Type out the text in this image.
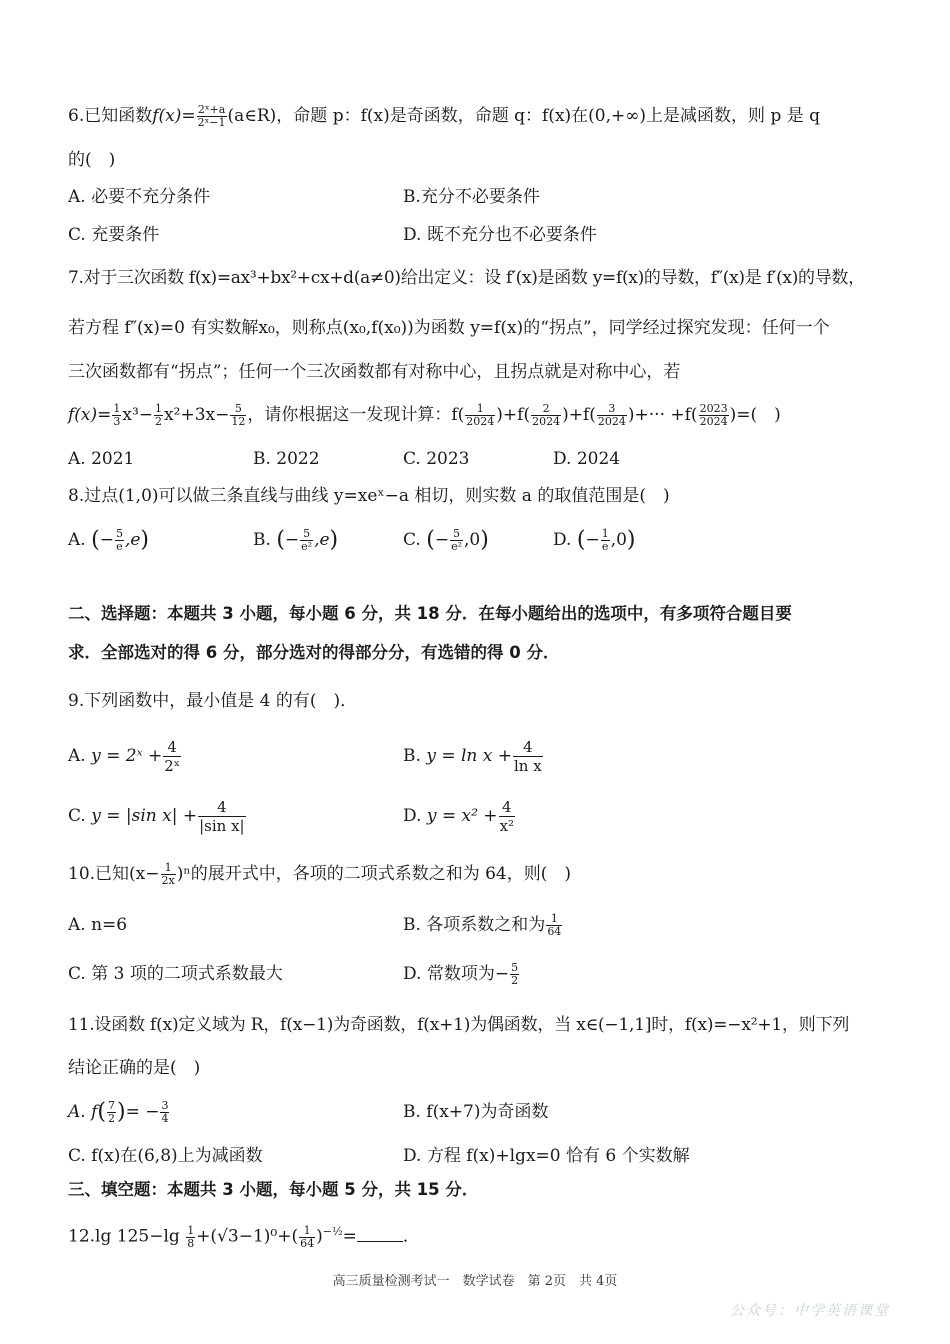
6.已知函数$f(x)= \frac{\text{2ˣ+a}}{\text{2ˣ−1}}$ (a∈R)，命题 p：f(x)是奇函数，命题 q：f(x)在(0,+∞)上是减函数，则 p 是 q
的(　)
A. 必要不充分条件	B.充分不必要条件
C. 充要条件	D. 既不充分也不必要条件
7.对于三次函数 f(x)=ax³+bx²+cx+d(a≠0)给出定义：设 f′(x)是函数 y=f(x)的导数，f″(x)是 f′(x)的导数，
若方程 f″(x)=0 有实数解x₀，则称点(x₀,f(x₀))为函数 y=f(x)的“拐点”，同学经过探究发现：任何一个
三次函数都有“拐点”；任何一个三次函数都有对称中心，且拐点就是对称中心，若
$f(x)= \frac{1}{3} x^3- \frac{1}{2} x^2+3x- \frac{5}{12}$ ，请你根据这一发现计算：$f( \frac{1}{2024} )+f( \frac{2}{2024} )+f( \frac{3}{2024}$ )+··· $+f( \frac{2023}{2024}$ )=(　)
A. 2021	B. 2022	C. 2023	D. 2024
8.过点(1,0)可以做三条直线与曲线 y=xeˣ−a 相切，则实数 a 的取值范围是(　)
A. (− $\frac{5}{e} ,e$)	B. (− $\frac{5}{\text{e²}} ,e$)	C. (− $\frac{5}{\text{e²}} ,0$)	D. (− $\frac{1}{e} ,0$)
二、选择题：本题共 3 小题，每小题 6 分，共 18 分．在每小题给出的选项中，有多项符合题目要
求．全部选对的得 6 分，部分选对的得部分分，有选错的得 0 分．
9.下列函数中，最小值是 4 的有(　)．
A. y = 2ˣ + $\frac{4}{\text{2ˣ}}$	B. $y = \ln x + \frac{4}{\text{ln x}}$
C. y = |sin $x| + \frac{4}{\text{|sin x|}}$	D. $y = x^2 + \frac{4}{\text{x²}}$
10.已知$(x- \frac{1}{2x} )^n$的展开式中，各项的二项式系数之和为 64，则(　)
A. n=6	B. 各项系数之和为 $\frac{1}{64}$
C. 第 3 项的二项式系数最大	D. 常数项为− $\frac{5}{2}$
11.设函数 f(x)定义域为 R，f(x−1)为奇函数，f(x+1)为偶函数，当 x∈(−1,1]时，f(x)=−x²+1，则下列
结论正确的是(　)
A. $f( \frac{7}{2}$ )= − $\frac{3}{4}$	B. f(x+7)为奇函数
C. f(x)在(6,8)上为减函数	D. 方程 f(x)+lgx=0 恰有 6 个实数解
三、填空题：本题共 3 小题，每小题 5 分，共 15 分．
12.lg $125-\lg \frac{1}{8} +(√3-1)^0+( \frac{1}{64} )^{-\frac{1}{2}}=$	．
高三质量检测考试一　数学试卷　第 2页　共 4页
公众号：中学英语课堂
